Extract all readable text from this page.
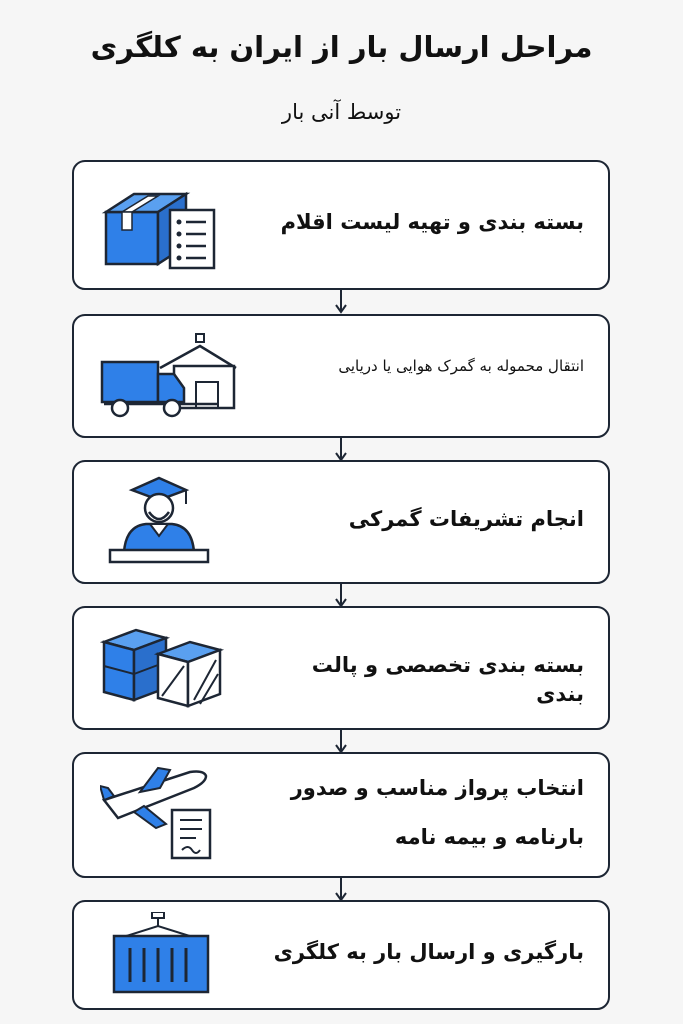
مراحل ارسال بار از ایران به کلگری
توسط آنی بار
بسته بندی و تهیه لیست اقلام
انتقال محموله به گمرک هوایی یا دریایی
انجام تشریفات گمرکی
بسته بندی تخصصی و پالت بندی
انتخاب پرواز مناسب و صدور
بارنامه و بیمه نامه
بارگیری و ارسال بار به کلگری
